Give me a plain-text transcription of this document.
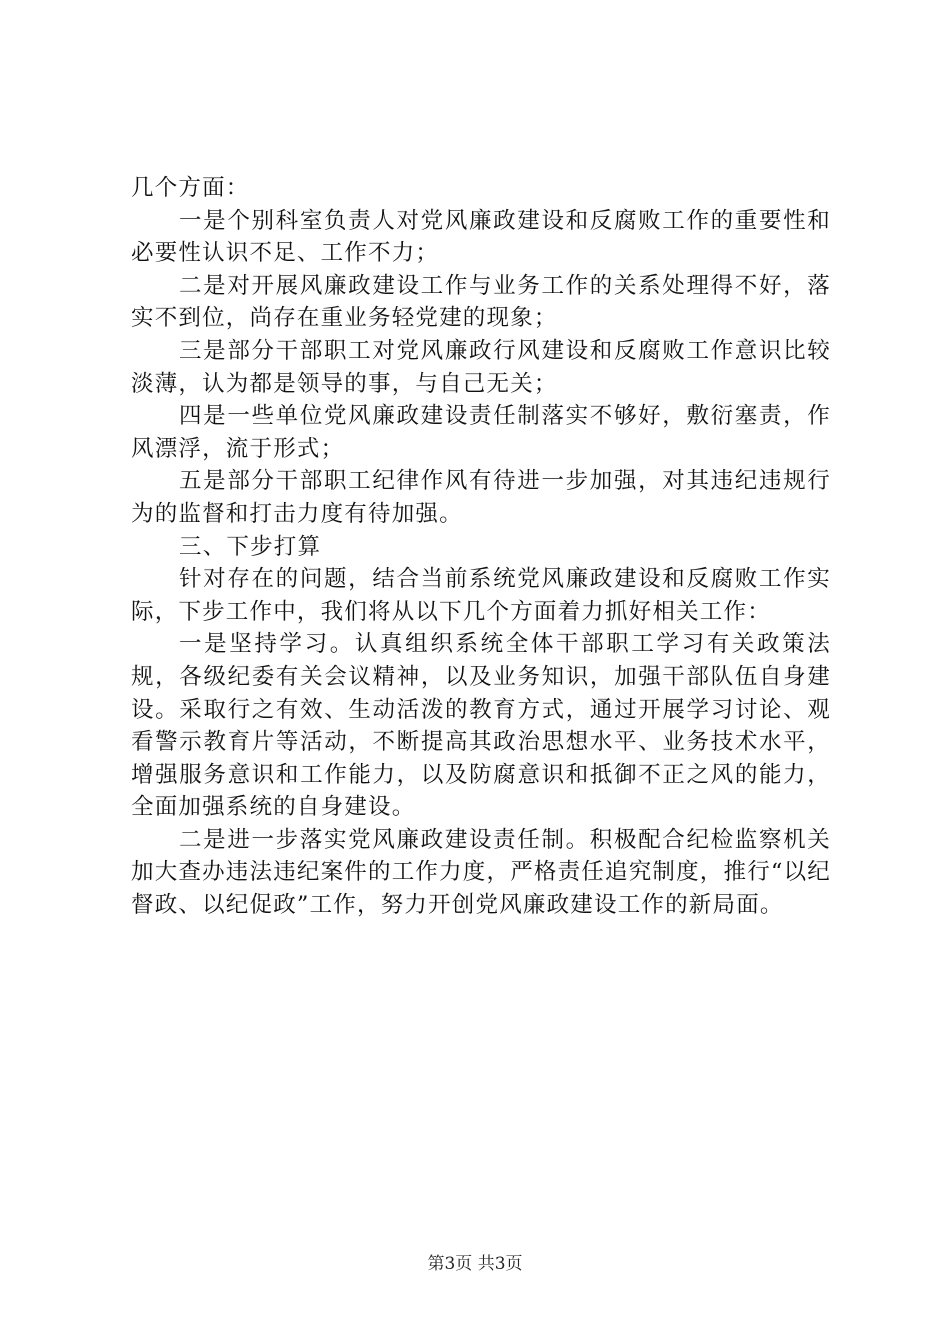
几个方面：

一是个别科室负责人对党风廉政建设和反腐败工作的重要性和必要性认识不足、工作不力；

二是对开展风廉政建设工作与业务工作的关系处理得不好，落实不到位，尚存在重业务轻党建的现象；

三是部分干部职工对党风廉政行风建设和反腐败工作意识比较淡薄，认为都是领导的事，与自己无关；

四是一些单位党风廉政建设责任制落实不够好，敷衍塞责，作风漂浮，流于形式；

五是部分干部职工纪律作风有待进一步加强，对其违纪违规行为的监督和打击力度有待加强。

三、下步打算

针对存在的问题，结合当前系统党风廉政建设和反腐败工作实际，下步工作中，我们将从以下几个方面着力抓好相关工作：

一是坚持学习。认真组织系统全体干部职工学习有关政策法规，各级纪委有关会议精神，以及业务知识，加强干部队伍自身建设。采取行之有效、生动活泼的教育方式，通过开展学习讨论、观看警示教育片等活动，不断提高其政治思想水平、业务技术水平，增强服务意识和工作能力，以及防腐意识和抵御不正之风的能力，全面加强系统的自身建设。

二是进一步落实党风廉政建设责任制。积极配合纪检监察机关加大查办违法违纪案件的工作力度，严格责任追究制度，推行“以纪督政、以纪促政”工作，努力开创党风廉政建设工作的新局面。

第3页 共3页
